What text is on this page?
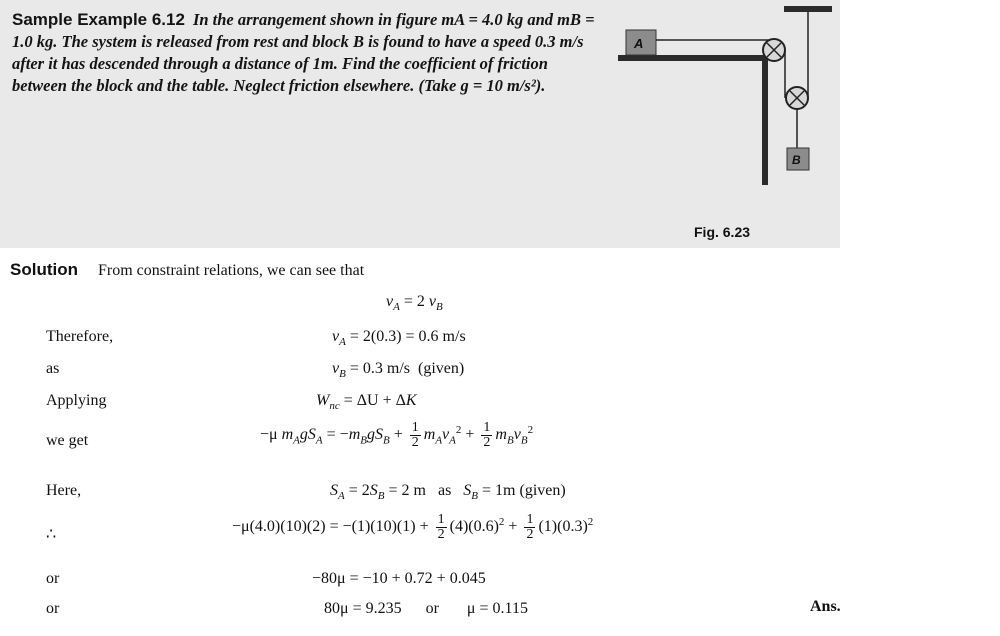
Sample Example 6.12 In the arrangement shown in figure mA = 4.0 kg and mB = 1.0 kg. The system is released from rest and block B is found to have a speed 0.3 m/s after it has descended through a distance of 1m. Find the coefficient of friction between the block and the table. Neglect friction elsewhere. (Take g = 10 m/s²).
A
B
Fig. 6.23
Solution From constraint relations, we can see that
$v_A = 2$ $v_B$
Therefore,	$v_A = 2(0.3) = 0.6$ m/s
as	$v_B = 0.3$ m/s  (given)
Applying	$W_{nc} = \Delta U + \Delta K$
we get	−μ $m_AgS_A = -m_BgS_B + \frac{1}{2} m_Av_A^2 + \frac{1}{2} m_Bv_B^2$
Here,	$S_A = 2S_B = 2$ m   as   $S_B = 1m$ (given)
∴	$-\mu(4.0)(10)(2) = -(1)(10)(1) + \frac{1}{2} (4)(0.6)^2 + \frac{1}{2} (1)(0.3)^2$
or	−80μ = −10 + 0.72 + 0.045
or	80μ = 9.235      or       μ = 0.115	Ans.
